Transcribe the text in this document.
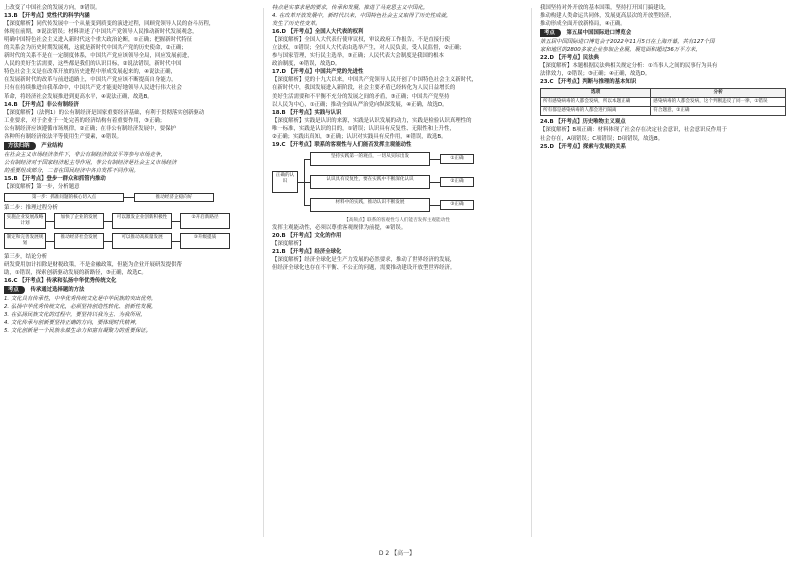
上改变了中国社会的发展方向，③错误。
13.B 【开考点】党性代的科学内涵
【深度解析】同代传发展中一个从量变到质变的演进过程，回顾党领导人民的奋斗历程，
体现在前期，③说法错误；材料讲述了中国共产党领导人民推动新时代发展观念，
明确中国特色社会主义进入新时代这个重大政治论断，①正确；把握新时代特征
的关系会为历史时期发展观，这就是新时代中国共产党的历史使命，②正确；
新时代的关系不是在一定制度体系，中国共产党应该领导全局，回应发展前进，
人民的美好生活需要，这些都是我们的认识目标，②说法错误，新时代中国
特色社会主义是在改革开放的历史进程中形成发展起来的，④说法正确，
在发展新时代的改革与前进道路上，中国共产党应该不断提高自身能力，
只有在持续推进自我革命中，中国共产党才能更好地领导人民进行伟大社会
革命，将经济社会发展推进到更高水平，④说法正确，故选B。
14.B 【开考点】非公有制经济
【深度解析】（法例1）的公有制经济是国家重要经济基础，有利于贯彻落实创新驱动
工业要求，对于企业于一处完善的经济结构有着重要作用，③正确；
公有制经济应该遵循市场规律，②正确；在非公有制经济发展中，要保护
各种所有制经济依法平等使用生产要素，④错误。
方法归纳 产业结构
在社会主义市场经济条件下，非公有制经济依法平等参与市场竞争，
公有制经济对于国家经济起主导作用，非公有制经济是社会主义市场经济
的重要组成部分，二者在国民经济中各自发挥不同作用。
15.B 【开考点】登步一群众和抓管内推动
【深度解析】第一步，分析题意
第一步：抓准问题的核心切入点	推动经济企稳向好
第二步：推理过程分析
实施企业发展战略计划
加快了企业的发展	可以激发企业创新积极性	②开启新路径
制定和完善发展规划
推动经济社会发展	可以推动高质量发展	③升级提质
第三步，结论分析
研发费用加计扣除是财税政策，不是金融政策，但能为企业开展研发提供帮
助，①错误，探索创新驱动发展的新路径，③正确，故选C。
16.C 【开考点】传承和弘扬中华优秀传统文化
考点 传承通过选择题的方法
1. 文化具有传承性，中华优秀传统文化是中华民族的突出优势，
2. 弘扬中华优秀传统文化，必须坚持创造性转化、创新性发展，
3. 在弘扬民族文化的过程中，要坚持以我为主、为我所用，
4. 文化传承与创新要坚持正确的方向，要体现时代精神，
5. 文化创新是一个民族永葆生命力和富有凝聚力的重要保证。
特点是实事求是的要求，传承和发展，推进了马克思主义中国化，
4. 在改革开放发展中，新时代以来，中国特色社会主义取得了历史性成就，
发生了历史性变革。
16.D 【开考点】全国人大代表的权利
【深度解析】全国人大代表行使审议权，审议政府工作报告，不是直接行使
立法权，①错误；全国人大代表由选举产生，对人民负责，受人民监督，②正确；
参与国家管理，实行民主选举，③正确；人民代表大会制度是我国的根本
政治制度，④错误，故选D。
17.D 【开考点】中国共产党的先进性
【深度解析】党的十九大以来，中国共产党领导人民开创了中国特色社会主义新时代，
在新时代中，我国发展进入新阶段，社会主要矛盾已经转化为人民日益增长的
美好生活需要和不平衡不充分的发展之间的矛盾，③正确；中国共产党坚持
以人民为中心，①正确；推动全面从严治党向纵深发展，④正确，故选D。
18.B 【开考点】实践与认识
【深度解析】实践是认识的来源，实践是认识发展的动力，实践是检验认识真理性的
唯一标准，实践是认识的目的，①错误；认识具有反复性、无限性和上升性，
②正确；实践出真知，③正确；认识对实践具有反作用，④错误，故选B。
19.C 【开考点】联系的客观性与人们能否发挥主观能动性
正确的认识
坚持实践第一的观点，一切从实际出发
认识具有反复性，要在实践中不断深化认识
材料中的实践，推动认识不断发展
①正确
②正确
③正确
【高频点】联系的客观性与人们能否发挥主观能动性
发挥主观能动性，必须以尊重客观规律为前提，④错误。
20.B 【开考点】文化的作用
【深度解析】
21.B 【开考点】经济全球化
【深度解析】经济全球化是生产力发展的必然要求，推动了世界经济的发展，
但经济全球化也存在不平衡、不公正的问题，需要推动建设开放型世界经济。
我国坚持对外开放的基本国策，坚持打开国门搞建设，
推动构建人类命运共同体，发展更高层次的开放型经济，
推动形成全面开放新格局，④正确。
考点 第五届中国国际进口博览会
第五届中国国际进口博览会于2022年11月5日在上海开幕，共有127个国
家和地区的2800多家企业参加企业展，展览面积超过36万平方米，
22.D 【开考点】民法典
【深度解析】本题根据民法典相关规定分析：①当事人之间的民事行为具有
法律效力，②错误；③正确；④正确，故选D。
23.C 【开考点】判断与推理的基本知识
选项	分析
所有感染病毒的人都会发病，所以本题正确	感染病毒的人都会发病，这个判断违反了同一律，①错误
所有都是感染病毒的人都会进行隔离	符合题意，②正确
24.B 【开考点】历史唯物主义观点
【深度解析】B项正确：材料体现了社会存在决定社会意识，社会意识反作用于
社会存在，A项错误；C项错误；D项错误，故选B。
25.D 【开考点】探索与发展的关系
D 2 【高一】
